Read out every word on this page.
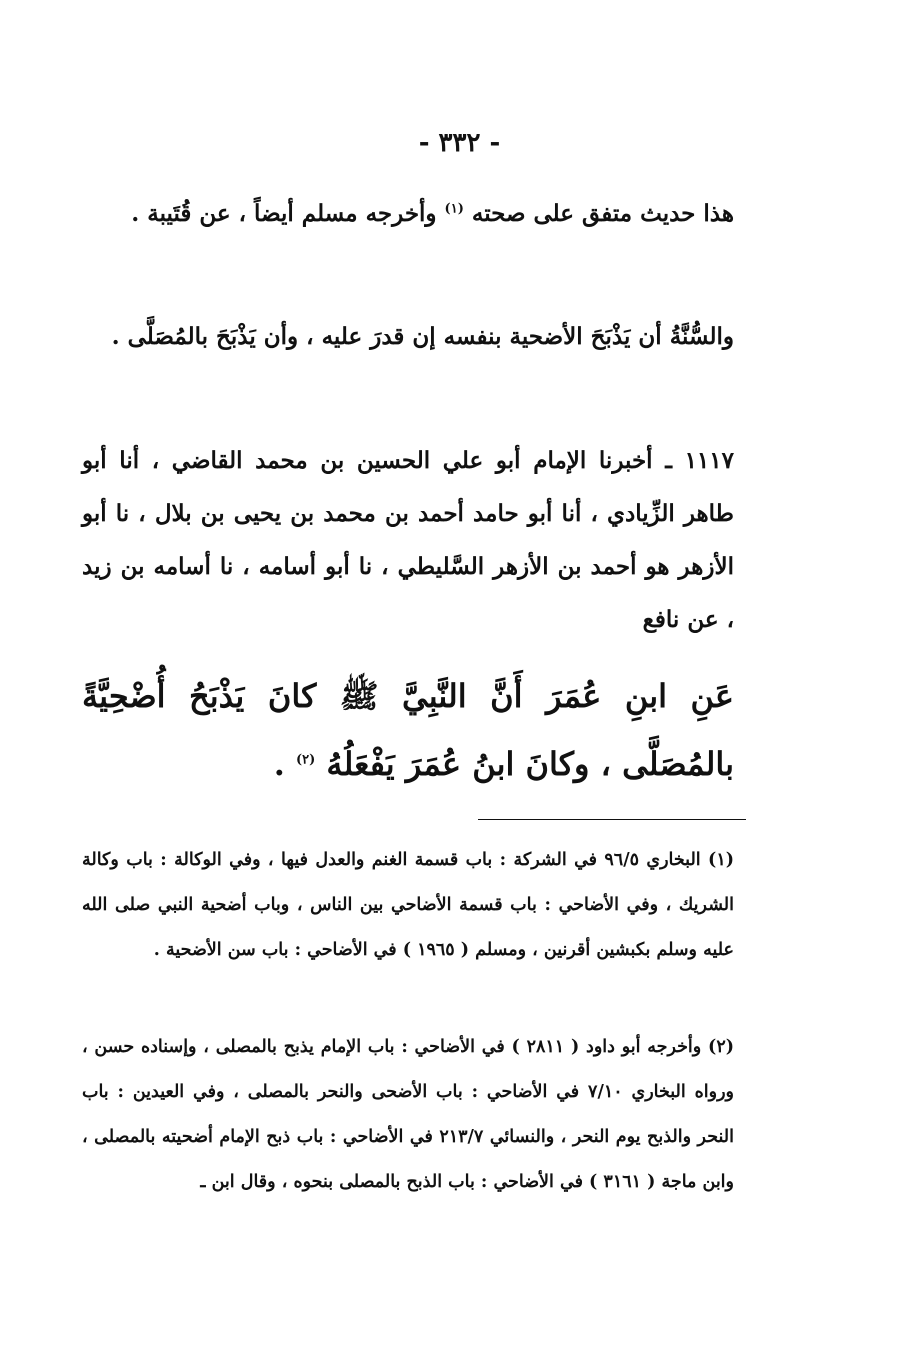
- ٣٣٢ -

هذا حديث متفق على صحته $^{(١)}$ وأخرجه مسلم أيضاً ، عن قُتَيبة .

والسُّنَّةُ أن يَذْبَحَ الأضحية بنفسه إن قدرَ عليه ، وأن يَذْبَحَ بالمُصَلَّى .

١١١٧ ـ أخبرنا الإمام أبو علي الحسين بن محمد القاضي ، أنا أبو طاهر الزِّيادي ، أنا أبو حامد أحمد بن محمد بن يحيى بن بلال ، نا أبو الأزهر هو أحمد بن الأزهر السَّليطي ، نا أبو أسامه ، نا أسامه بن زيد ، عن نافع

عَنِ ابنِ عُمَرَ أَنَّ النَّبِيَّ ﷺ كانَ يَذْبَحُ أُضْحِيَّةً بالمُصَلَّى ، وكانَ ابنُ عُمَرَ يَفْعَلُهُ $^{(٢)}$ .

(١) البخاري ٩٦/٥ في الشركة : باب قسمة الغنم والعدل فيها ، وفي الوكالة : باب وكالة الشريك ، وفي الأضاحي : باب قسمة الأضاحي بين الناس ، وباب أضحية النبي صلى الله عليه وسلم بكبشين أقرنين ، ومسلم ( ١٩٦٥ ) في الأضاحي : باب سن الأضحية .

(٢) وأخرجه أبو داود ( ٢٨١١ ) في الأضاحي : باب الإمام يذبح بالمصلى ، وإسناده حسن ، ورواه البخاري ٧/١٠ في الأضاحي : باب الأضحى والنحر بالمصلى ، وفي العيدين : باب النحر والذبح يوم النحر ، والنسائي ٢١٣/٧ في الأضاحي : باب ذبح الإمام أضحيته بالمصلى ، وابن ماجة ( ٣١٦١ ) في الأضاحي : باب الذبح بالمصلى بنحوه ، وقال ابن ـ
